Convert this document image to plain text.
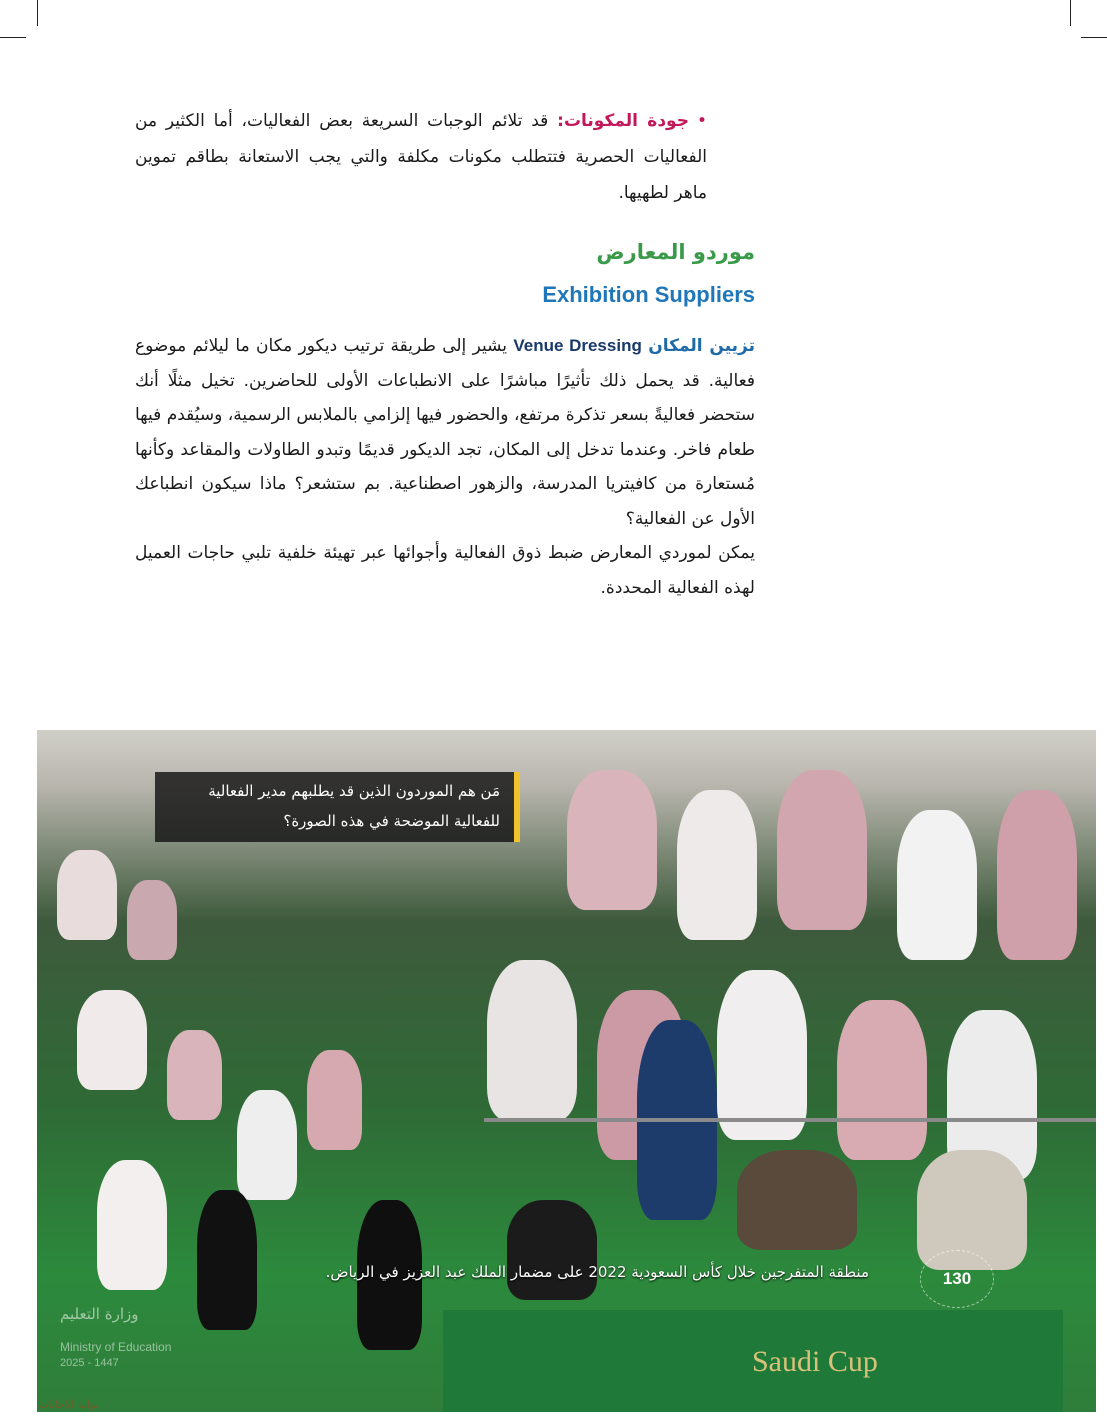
•جودة المكونات: قد تلائم الوجبات السريعة بعض الفعاليات، أما الكثير من الفعاليات الحصرية فتتطلب مكونات مكلفة والتي يجب الاستعانة بطاقم تموين ماهر لطهيها.
موردو المعارض
Exhibition Suppliers
تزيين المكان Venue Dressing يشير إلى طريقة ترتيب ديكور مكان ما ليلائم موضوع فعالية. قد يحمل ذلك تأثيرًا مباشرًا على الانطباعات الأولى للحاضرين. تخيل مثلًا أنك ستحضر فعاليةً بسعر تذكرة مرتفع، والحضور فيها إلزامي بالملابس الرسمية، وسيُقدم فيها طعام فاخر. وعندما تدخل إلى المكان، تجد الديكور قديمًا وتبدو الطاولات والمقاعد وكأنها مُستعارة من كافيتريا المدرسة، والزهور اصطناعية. بم ستشعر؟ ماذا سيكون انطباعك الأول عن الفعالية؟
يمكن لموردي المعارض ضبط ذوق الفعالية وأجوائها عبر تهيئة خلفية تلبي حاجات العميل لهذه الفعالية المحددة.
مَن هم الموردون الذين قد يطلبهم مدير الفعالية للفعالية الموضحة في هذه الصورة؟
منطقة المتفرجين خلال كأس السعودية 2022 على مضمار الملك عبد العزيز في الرياض.	130
وزارة التعليم
Ministry of Education
2025 - 1447	Saudi Cup
بوابة الإجابات
